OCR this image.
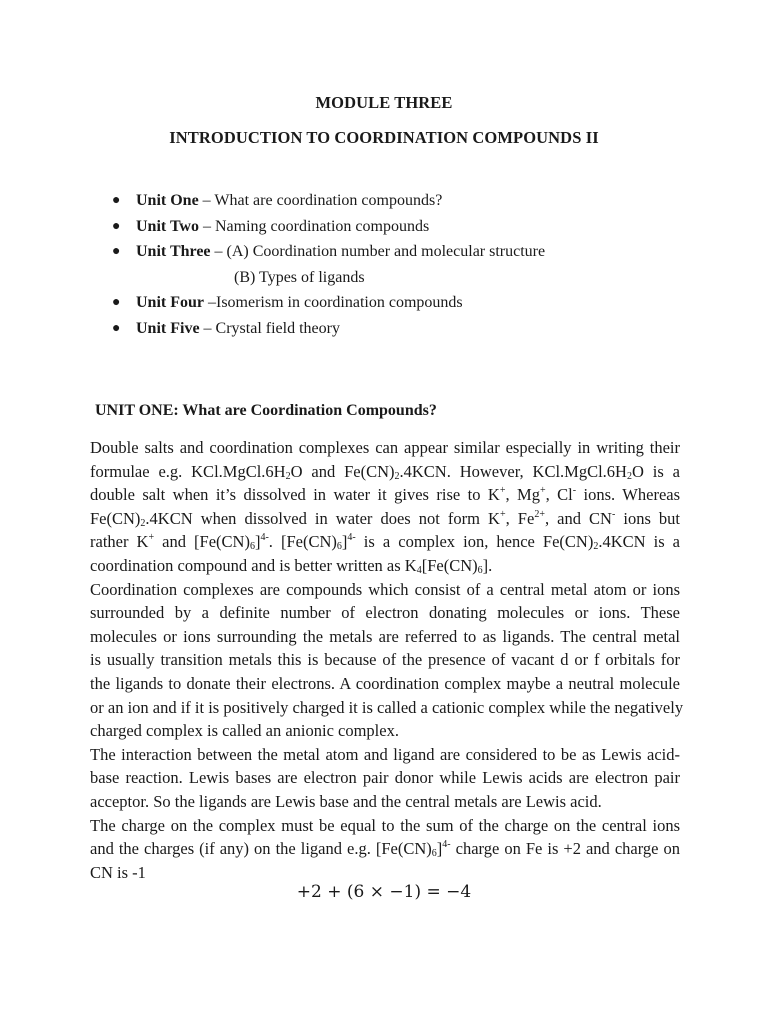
MODULE THREE
INTRODUCTION TO COORDINATION COMPOUNDS II
● Unit One – What are coordination compounds?
● Unit Two – Naming coordination compounds
● Unit Three – (A) Coordination number and molecular structure
(B) Types of ligands
● Unit Four –Isomerism in coordination compounds
● Unit Five – Crystal field theory
UNIT ONE: What are Coordination Compounds?
Double salts and coordination complexes can appear similar especially in writing their
formulae e.g. $KCl.MgCl.6H_2O$ and $Fe(CN)_2.4KCN$. However, $KCl.MgCl.6H_2O$ is a
double salt when it’s dissolved in water it gives rise to K+, Mg+, Cl- ions. Whereas
$Fe(CN)_2.4KCN$ when dissolved in water does not form K+, $Fe^{2+}$, and CN- ions but
rather K+ and $[Fe(CN)_6]^{4-}$. $[Fe(CN)_6]^{4-}$ is a complex ion, hence $Fe(CN)_2.4KCN$ is a
coordination compound and is better written as $K_4[Fe(CN)_6]$.
Coordination complexes are compounds which consist of a central metal atom or ions
surrounded by a definite number of electron donating molecules or ions. These
molecules or ions surrounding the metals are referred to as ligands. The central metal
is usually transition metals this is because of the presence of vacant d or f orbitals for
the ligands to donate their electrons. A coordination complex maybe a neutral molecule
or an ion and if it is positively charged it is called a cationic complex while the negatively
charged complex is called an anionic complex.
The interaction between the metal atom and ligand are considered to be as Lewis acid-
base reaction. Lewis bases are electron pair donor while Lewis acids are electron pair
acceptor. So the ligands are Lewis base and the central metals are Lewis acid.
The charge on the complex must be equal to the sum of the charge on the central ions
and the charges (if any) on the ligand e.g. $[Fe(CN)_6]^{4-}$ charge on Fe is +2 and charge on
CN is -1
+2 + (6 × −1) = −4
